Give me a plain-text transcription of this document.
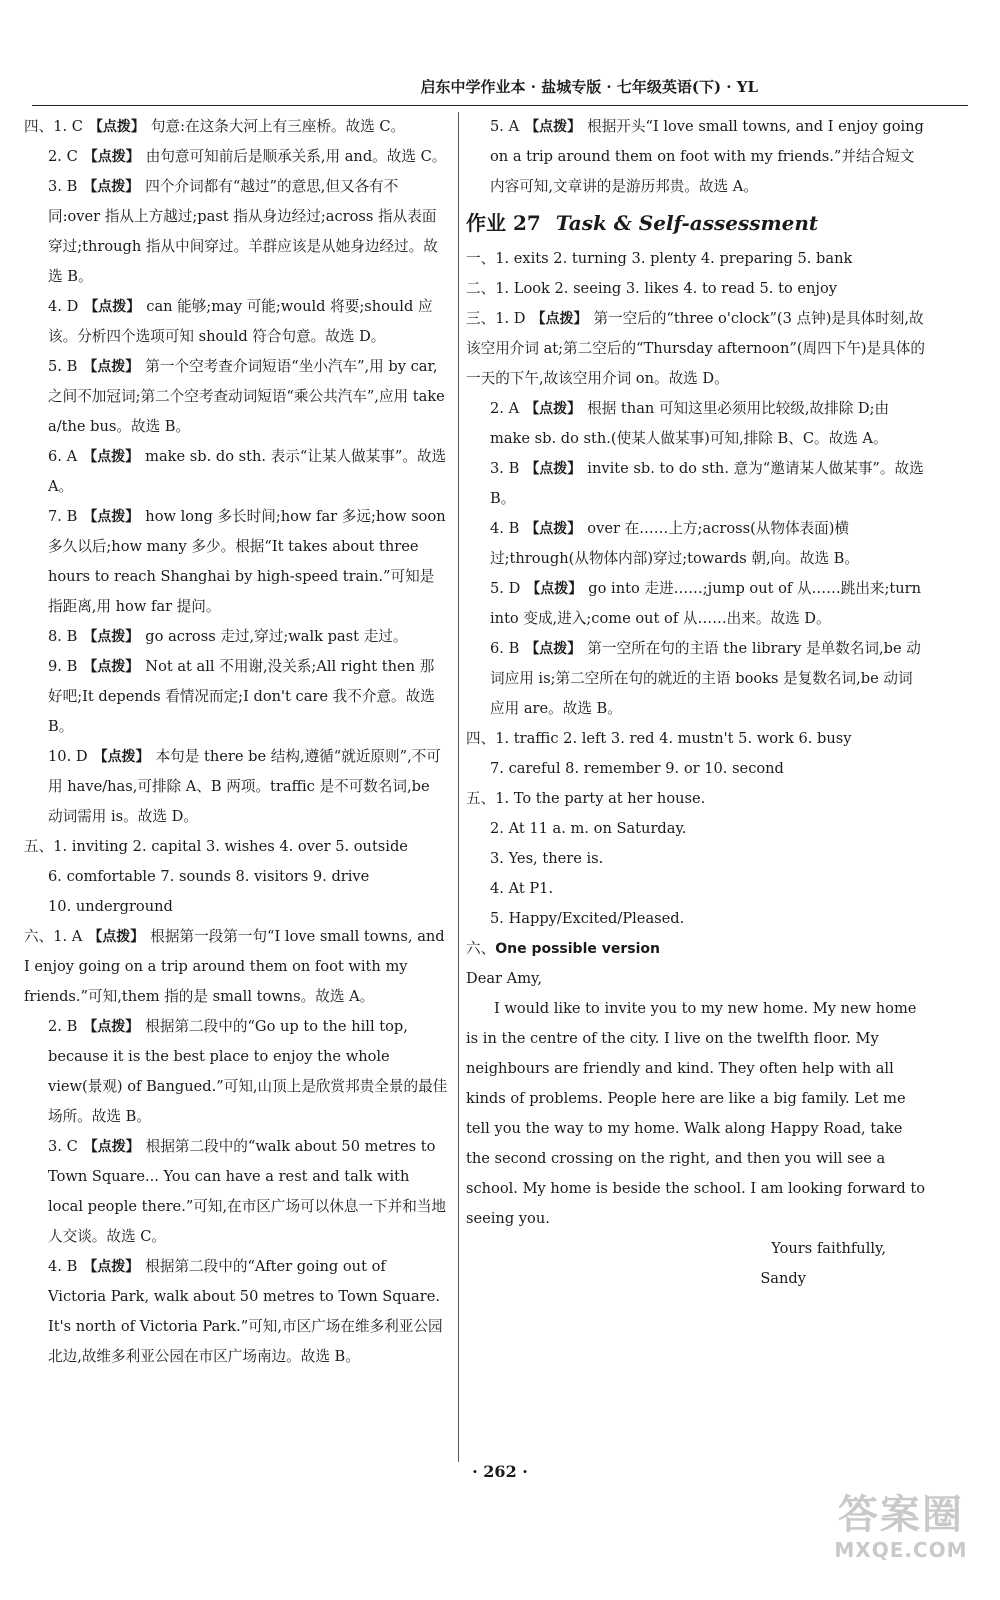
启东中学作业本 · 盐城专版 · 七年级英语(下) · YL

四、1. C 【 点拨 】 句意:在这条大河上有三座桥。故选 C。

2. C 【 点拨 】 由句意可知前后是顺承关系,用 and。故选 C。

3. B 【 点拨 】 四个介词都有“越过”的意思,但又各有不同:over 指从上方越过;past 指从身边经过;across 指从表面穿过;through 指从中间穿过。羊群应该是从她身边经过。故选 B。

4. D 【 点拨 】 can 能够;may 可能;would 将要;should 应该。分析四个选项可知 should 符合句意。故选 D。

5. B 【 点拨 】 第一个空考查介词短语“坐小汽车”,用 by car,之间不加冠词;第二个空考查动词短语“乘公共汽车”,应用 take a/the bus。故选 B。

6. A 【 点拨 】 make sb. do sth. 表示“让某人做某事”。故选 A。

7. B 【 点拨 】 how long 多长时间;how far 多远;how soon 多久以后;how many 多少。根据“It takes about three hours to reach Shanghai by high-speed train.”可知是指距离,用 how far 提问。

8. B 【 点拨 】 go across 走过,穿过;walk past 走过。

9. B 【 点拨 】 Not at all 不用谢,没关系;All right then 那好吧;It depends 看情况而定;I don't care 我不介意。故选 B。

10. D 【 点拨 】 本句是 there be 结构,遵循“就近原则”,不可用 have/has,可排除 A、B 两项。traffic 是不可数名词,be 动词需用 is。故选 D。

五、1. inviting 2. capital 3. wishes 4. over 5. outside

6. comfortable 7. sounds 8. visitors 9. drive

10. underground

六、1. A 【 点拨 】 根据第一段第一句“I love small towns, and I enjoy going on a trip around them on foot with my friends.”可知,them 指的是 small towns。故选 A。

2. B 【 点拨 】 根据第二段中的“Go up to the hill top, because it is the best place to enjoy the whole view(景观) of Bangued.”可知,山顶上是欣赏邦贵全景的最佳场所。故选 B。

3. C 【 点拨 】 根据第二段中的“walk about 50 metres to Town Square... You can have a rest and talk with local people there.”可知,在市区广场可以休息一下并和当地人交谈。故选 C。

4. B 【 点拨 】 根据第二段中的“After going out of Victoria Park, walk about 50 metres to Town Square. It's north of Victoria Park.”可知,市区广场在维多利亚公园北边,故维多利亚公园在市区广场南边。故选 B。

5. A 【 点拨 】 根据开头“I love small towns, and I enjoy going on a trip around them on foot with my friends.”并结合短文内容可知,文章讲的是游历邦贵。故选 A。

作业 27 Task & Self-assessment

一、1. exits 2. turning 3. plenty 4. preparing 5. bank

二、1. Look 2. seeing 3. likes 4. to read 5. to enjoy

三、1. D 【 点拨 】 第一空后的“three o'clock”(3 点钟)是具体时刻,故该空用介词 at;第二空后的“Thursday afternoon”(周四下午)是具体的一天的下午,故该空用介词 on。故选 D。

2. A 【 点拨 】 根据 than 可知这里必须用比较级,故排除 D;由 make sb. do sth.(使某人做某事)可知,排除 B、C。故选 A。

3. B 【 点拨 】 invite sb. to do sth. 意为“邀请某人做某事”。故选 B。

4. B 【 点拨 】 over 在……上方;across(从物体表面)横过;through(从物体内部)穿过;towards 朝,向。故选 B。

5. D 【 点拨 】 go into 走进……;jump out of 从……跳出来;turn into 变成,进入;come out of 从……出来。故选 D。

6. B 【 点拨 】 第一空所在句的主语 the library 是单数名词,be 动词应用 is;第二空所在句的就近的主语 books 是复数名词,be 动词应用 are。故选 B。

四、1. traffic 2. left 3. red 4. mustn't 5. work 6. busy

7. careful 8. remember 9. or 10. second

五、1. To the party at her house.

2. At 11 a. m. on Saturday.

3. Yes, there is.

4. At P1.

5. Happy/Excited/Pleased.

六、One possible version

Dear Amy,

I would like to invite you to my new home. My new home is in the centre of the city. I live on the twelfth floor. My neighbours are friendly and kind. They often help with all kinds of problems. People here are like a big family. Let me tell you the way to my home. Walk along Happy Road, take the second crossing on the right, and then you will see a school. My home is beside the school. I am looking forward to seeing you.

Yours faithfully,

Sandy

· 262 ·
答案圈
MXQE.COM
